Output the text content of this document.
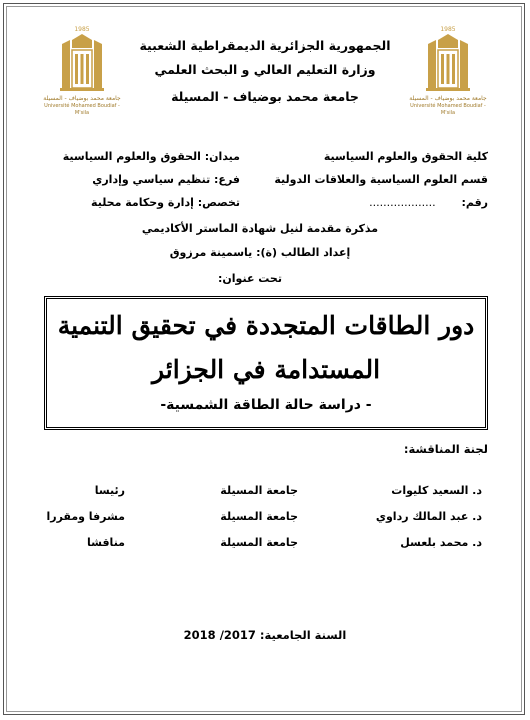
1985
جامعة محمد بوضياف - المسيلة
Université Mohamed Boudiaf - M'sila
1985
جامعة محمد بوضياف - المسيلة
Université Mohamed Boudiaf - M'sila
الجمهورية الجزائرية الديمقراطية الشعبية
وزارة التعليم العالي و البحث العلمي
جامعة محمد بوضياف - المسيلة
كلية الحقوق والعلوم السياسية
قسم العلوم السياسية والعلاقات الدولية
رقم: ...................
ميدان: الحقوق والعلوم السياسية
فرع: تنظيم سياسي وإداري
تخصص: إدارة وحكامة محلية
مذكرة مقدمة لنيل شهادة الماستر الأكاديمي
إعداد الطالب (ة): ياسمينة مرزوق
تحت عنوان:
دور الطاقات المتجددة في تحقيق التنمية
المستدامة في الجزائر
- دراسة حالة الطاقة الشمسية-
لجنة المناقشة:
د. السعيد كليوات
جامعة المسيلة
رئيسا
د. عبد المالك رداوي
جامعة المسيلة
مشرفا ومقررا
د. محمد بلعسل
جامعة المسيلة
مناقشا
السنة الجامعية: 2017/ 2018
